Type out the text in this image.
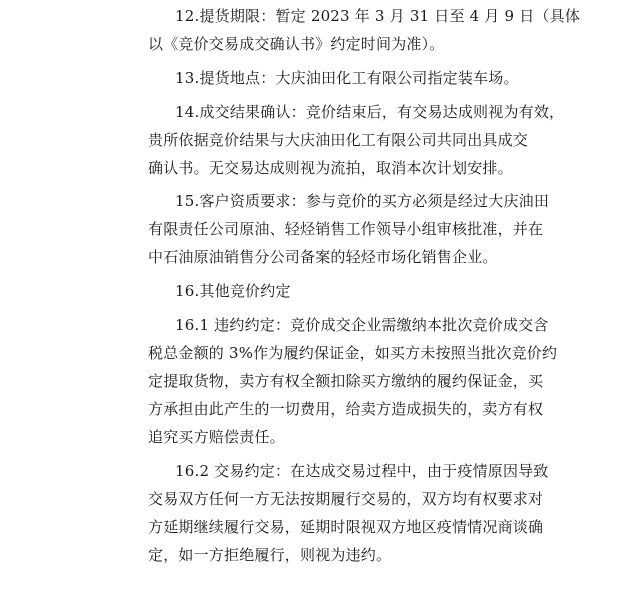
12.提货期限：暂定 2023 年 3 月 31 日至 4 月 9 日（具体
以《竞价交易成交确认书》约定时间为准）。
13.提货地点：大庆油田化工有限公司指定装车场。
14.成交结果确认：竞价结束后，有交易达成则视为有效，
贵所依据竞价结果与大庆油田化工有限公司共同出具成交
确认书。无交易达成则视为流拍，取消本次计划安排。
15.客户资质要求：参与竞价的买方必须是经过大庆油田
有限责任公司原油、轻烃销售工作领导小组审核批准，并在
中石油原油销售分公司备案的轻烃市场化销售企业。
16.其他竞价约定
16.1 违约约定：竞价成交企业需缴纳本批次竞价成交含
税总金额的 3%作为履约保证金，如买方未按照当批次竞价约
定提取货物，卖方有权全额扣除买方缴纳的履约保证金，买
方承担由此产生的一切费用，给卖方造成损失的，卖方有权
追究买方赔偿责任。
16.2 交易约定：在达成交易过程中，由于疫情原因导致
交易双方任何一方无法按期履行交易的，双方均有权要求对
方延期继续履行交易，延期时限视双方地区疫情情况商谈确
定，如一方拒绝履行，则视为违约。
